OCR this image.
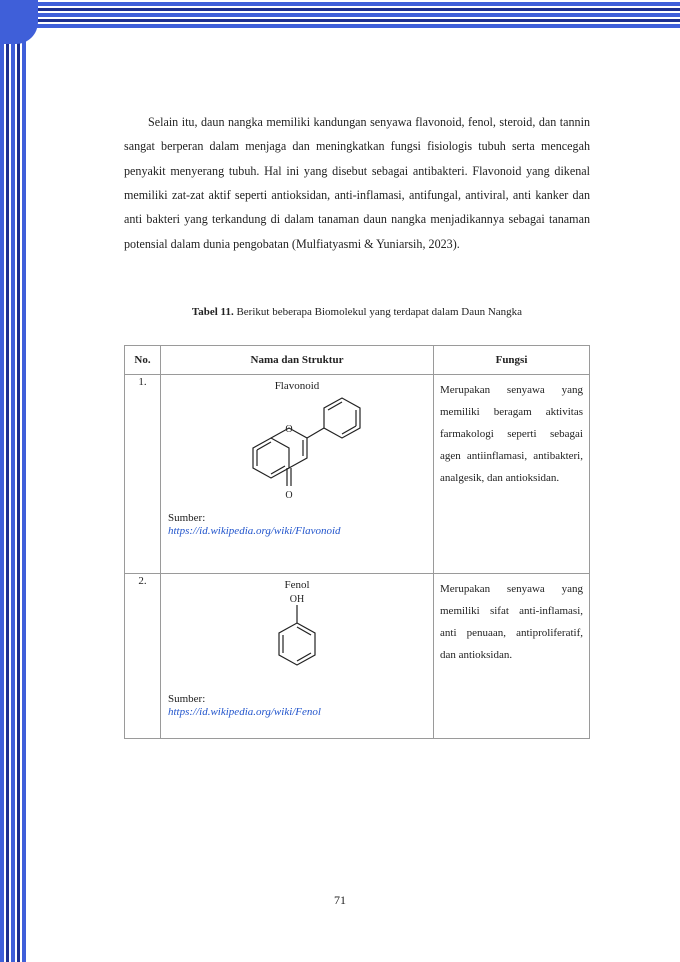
Selain itu, daun nangka memiliki kandungan senyawa flavonoid, fenol, steroid, dan tannin sangat berperan dalam menjaga dan meningkatkan fungsi fisiologis tubuh serta mencegah penyakit menyerang tubuh. Hal ini yang disebut sebagai antibakteri. Flavonoid yang dikenal memiliki zat-zat aktif seperti antioksidan, anti-inflamasi, antifungal, antiviral, anti kanker dan anti bakteri yang terkandung di dalam tanaman daun nangka menjadikannya sebagai tanaman potensial dalam dunia pengobatan (Mulfiatyasmi & Yuniarsih, 2023).

Tabel 11. Berikut beberapa Biomolekul yang terdapat dalam Daun Nangka
No.	Nama dan Struktur	Fungsi
1.	Flavonoid
O
O
Sumber:
https://id.wikipedia.org/wiki/Flavonoid	Merupakan senyawa yang memiliki beragam aktivitas farmakologi seperti sebagai agen antiinflamasi, antibakteri, analgesik, dan antioksidan.

2.	Fenol
OH
Sumber:
https://id.wikipedia.org/wiki/Fenol	Merupakan senyawa yang memiliki sifat anti-inflamasi, anti penuaan, antiproliferatif, dan antioksidan.
71
